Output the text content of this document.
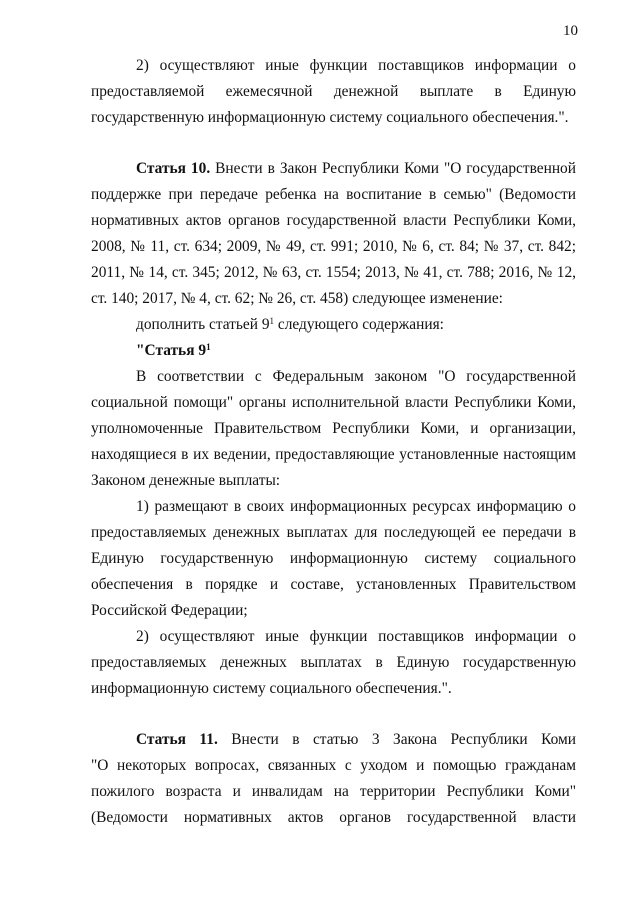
10
2) осуществляют иные функции поставщиков информации о
предоставляемой ежемесячной денежной выплате в Единую
государственную информационную систему социального обеспечения.".
Статья 10. Внести в Закон Республики Коми "О государственной
поддержке при передаче ребенка на воспитание в семью" (Ведомости
нормативных актов органов государственной власти Республики Коми,
2008, № 11, ст. 634; 2009, № 49, ст. 991; 2010, № 6, ст. 84; № 37, ст. 842;
2011, № 14, ст. 345; 2012, № 63, ст. 1554; 2013, № 41, ст. 788; 2016, № 12,
ст. 140; 2017, № 4, ст. 62; № 26, ст. 458) следующее изменение:
дополнить статьей $9^1$ следующего содержания:
"Статья $9^1$
В соответствии с Федеральным законом "О государственной
социальной помощи" органы исполнительной власти Республики Коми,
уполномоченные Правительством Республики Коми, и организации,
находящиеся в их ведении, предоставляющие установленные настоящим
Законом денежные выплаты:
1) размещают в своих информационных ресурсах информацию о
предоставляемых денежных выплатах для последующей ее передачи в
Единую государственную информационную систему социального
обеспечения в порядке и составе, установленных Правительством
Российской Федерации;
2) осуществляют иные функции поставщиков информации о
предоставляемых денежных выплатах в Единую государственную
информационную систему социального обеспечения.".
Статья 11. Внести в статью 3 Закона Республики Коми
"О некоторых вопросах, связанных с уходом и помощью гражданам
пожилого возраста и инвалидам на территории Республики Коми"
(Ведомости нормативных актов органов государственной власти
